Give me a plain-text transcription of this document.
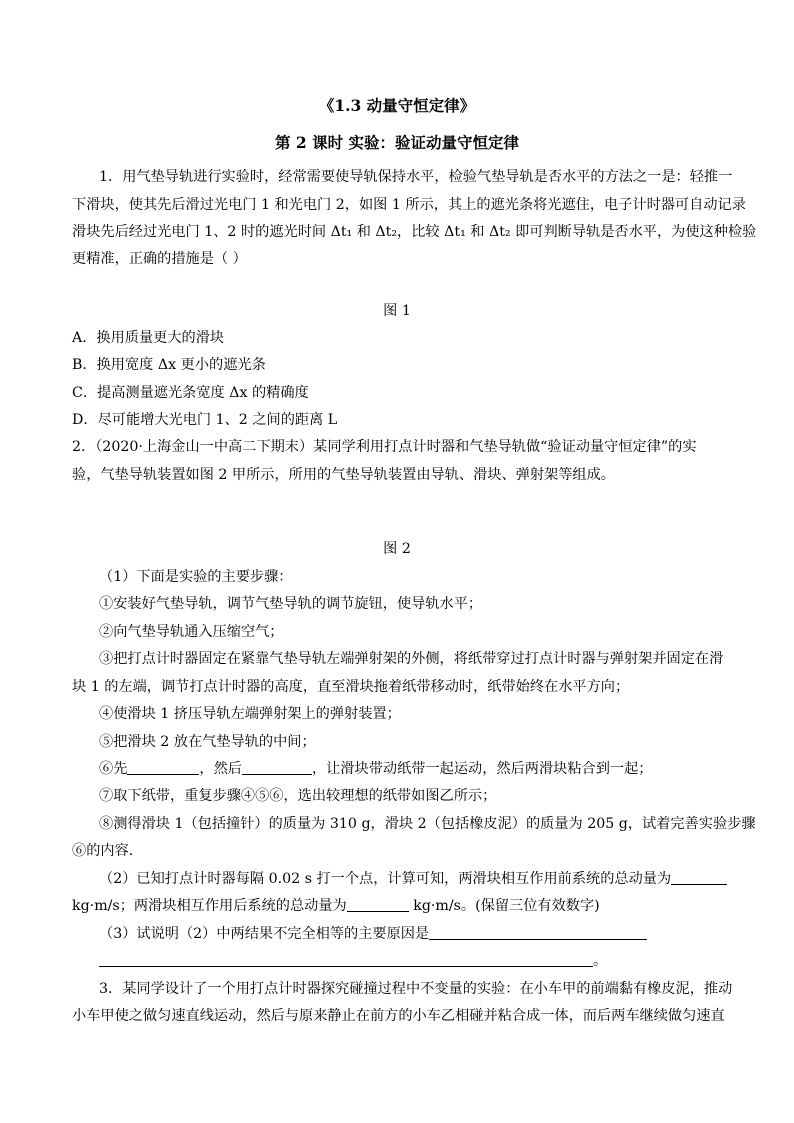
《1.3 动量守恒定律》
第 2 课时 实验：验证动量守恒定律
1．用气垫导轨进行实验时，经常需要使导轨保持水平，检验气垫导轨是否水平的方法之一是：轻推一
下滑块，使其先后滑过光电门 1 和光电门 2，如图 1 所示，其上的遮光条将光遮住，电子计时器可自动记录
滑块先后经过光电门 1、2 时的遮光时间 Δt₁ 和 Δt₂，比较 Δt₁ 和 Δt₂ 即可判断导轨是否水平，为使这种检验
更精准，正确的措施是（ ）
图 1
A．换用质量更大的滑块
B．换用宽度 Δx 更小的遮光条
C．提高测量遮光条宽度 Δx 的精确度
D．尽可能增大光电门 1、2 之间的距离 L
2．（2020·上海金山一中高二下期末）某同学利用打点计时器和气垫导轨做“验证动量守恒定律”的实
验，气垫导轨装置如图 2 甲所示，所用的气垫导轨装置由导轨、滑块、弹射架等组成。
图 2
（1）下面是实验的主要步骤：
①安装好气垫导轨，调节气垫导轨的调节旋钮，使导轨水平；
②向气垫导轨通入压缩空气；
③把打点计时器固定在紧靠气垫导轨左端弹射架的外侧，将纸带穿过打点计时器与弹射架并固定在滑
块 1 的左端，调节打点计时器的高度，直至滑块拖着纸带移动时，纸带始终在水平方向；
④使滑块 1 挤压导轨左端弹射架上的弹射装置；
⑤把滑块 2 放在气垫导轨的中间；
⑥先	，然后	，让滑块带动纸带一起运动，然后两滑块粘合到一起；
⑦取下纸带，重复步骤④⑤⑥，选出较理想的纸带如图乙所示；
⑧测得滑块 1（包括撞针）的质量为 310 g，滑块 2（包括橡皮泥）的质量为 205 g，试着完善实验步骤
⑥的内容.
（2）已知打点计时器每隔 0.02 s 打一个点，计算可知，两滑块相互作用前系统的总动量为
kg·m/s；两滑块相互作用后系统的总动量为	kg·m/s。(保留三位有效数字)
（3）试说明（2）中两结果不完全相等的主要原因是
。
3．某同学设计了一个用打点计时器探究碰撞过程中不变量的实验：在小车甲的前端黏有橡皮泥，推动
小车甲使之做匀速直线运动，然后与原来静止在前方的小车乙相碰并粘合成一体，而后两车继续做匀速直
